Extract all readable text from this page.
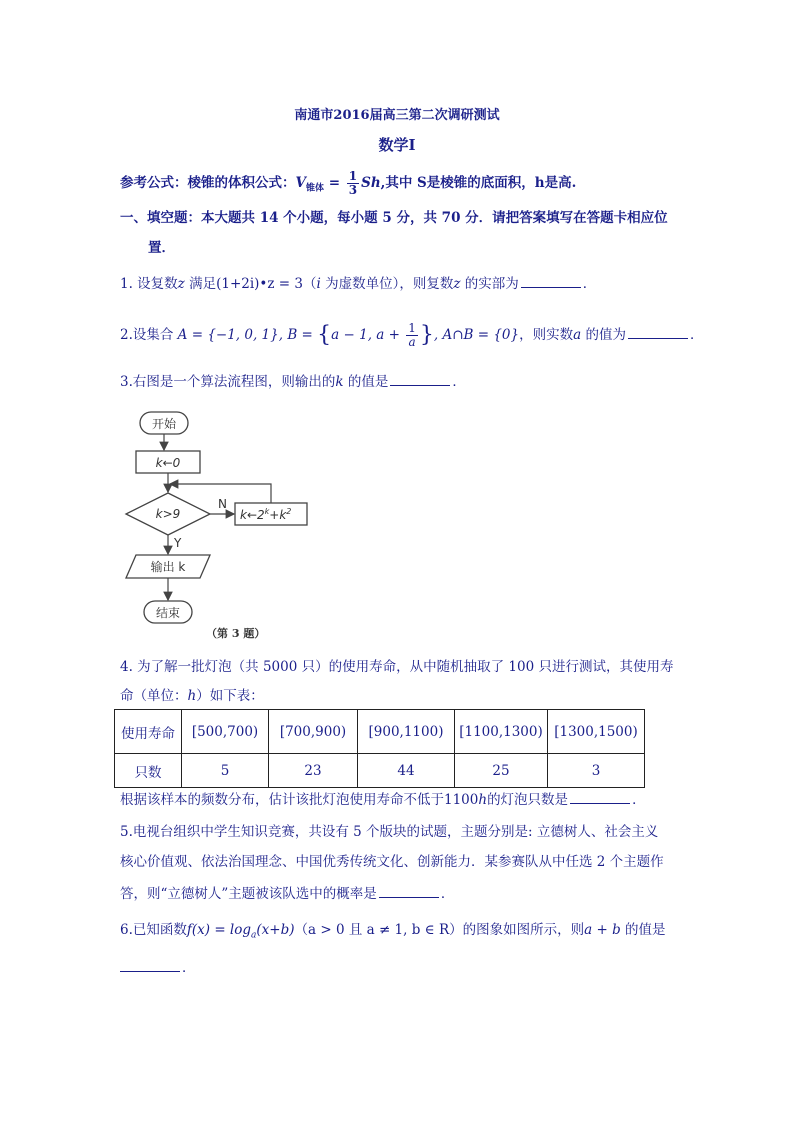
南通市2016届高三第二次调研测试
数学Ⅰ
参考公式：棱锥的体积公式：$V_{锥体} = \frac{1}{3} Sh$,其中 S是棱锥的底面积，h是高.
一、填空题：本大题共 14 个小题，每小题 5 分，共 70 分．请把答案填写在答题卡相应位
置．
1. 设复数z 满足(1+2i)•z = 3（i 为虚数单位），则复数z 的实部为	．
2.设集合 A = {−1, 0, 1}, B = {a − 1, $a + \frac{1}{a}$ }, A∩B = {0}，则实数a 的值为	．
3.右图是一个算法流程图，则输出的k 的值是	．
开始
k←0
k>9
N
$k\leftarrow 2^k+k^2$
Y
输出 k
结束
（第 3 题）
4. 为了解一批灯泡（共 5000 只）的使用寿命，从中随机抽取了 100 只进行测试，其使用寿
命（单位：h）如下表：
使用寿命	[500,700)	[700,900)	[900,1100)	[1100,1300)	[1300,1500)
只数	5	23	44	25	3
根据该样本的频数分布，估计该批灯泡使用寿命不低于1100h的灯泡只数是	．
5.电视台组织中学生知识竞赛，共设有 5 个版块的试题，主题分别是: 立德树人、社会主义
核心价值观、依法治国理念、中国优秀传统文化、创新能力．某参赛队从中任选 2 个主题作
答，则“立德树人”主题被该队选中的概率是	．
6.已知函数$f(x) = \log_a(x+b)(a > 0$ 且 a ≠ 1, b ∈ R）的图象如图所示，则a + b 的值是
．
